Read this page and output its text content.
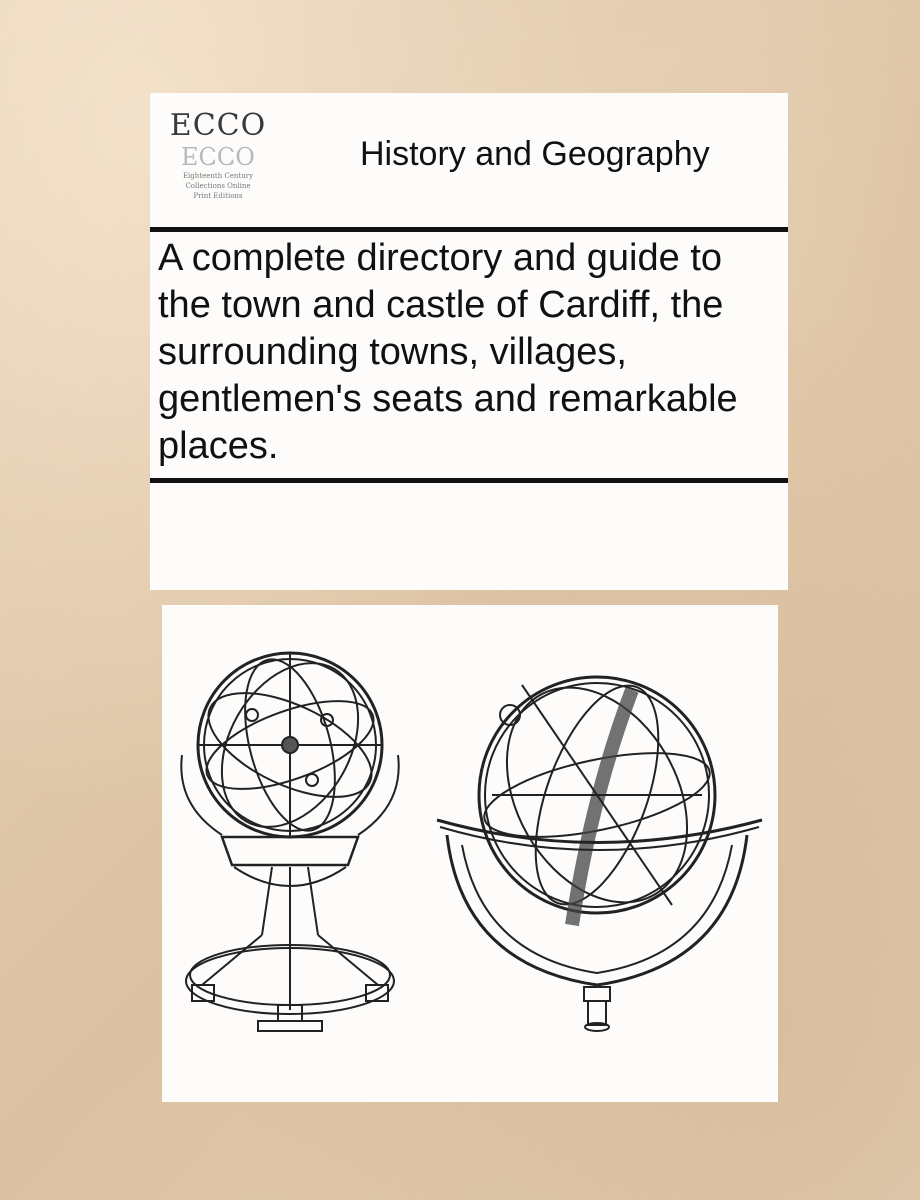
ECCO
ECCO
Eighteenth Century
Collections Online
Print Editions
History and Geography
A complete directory and guide to the town and castle of Cardiff, the surrounding towns, villages, gentlemen's seats and remarkable places.
